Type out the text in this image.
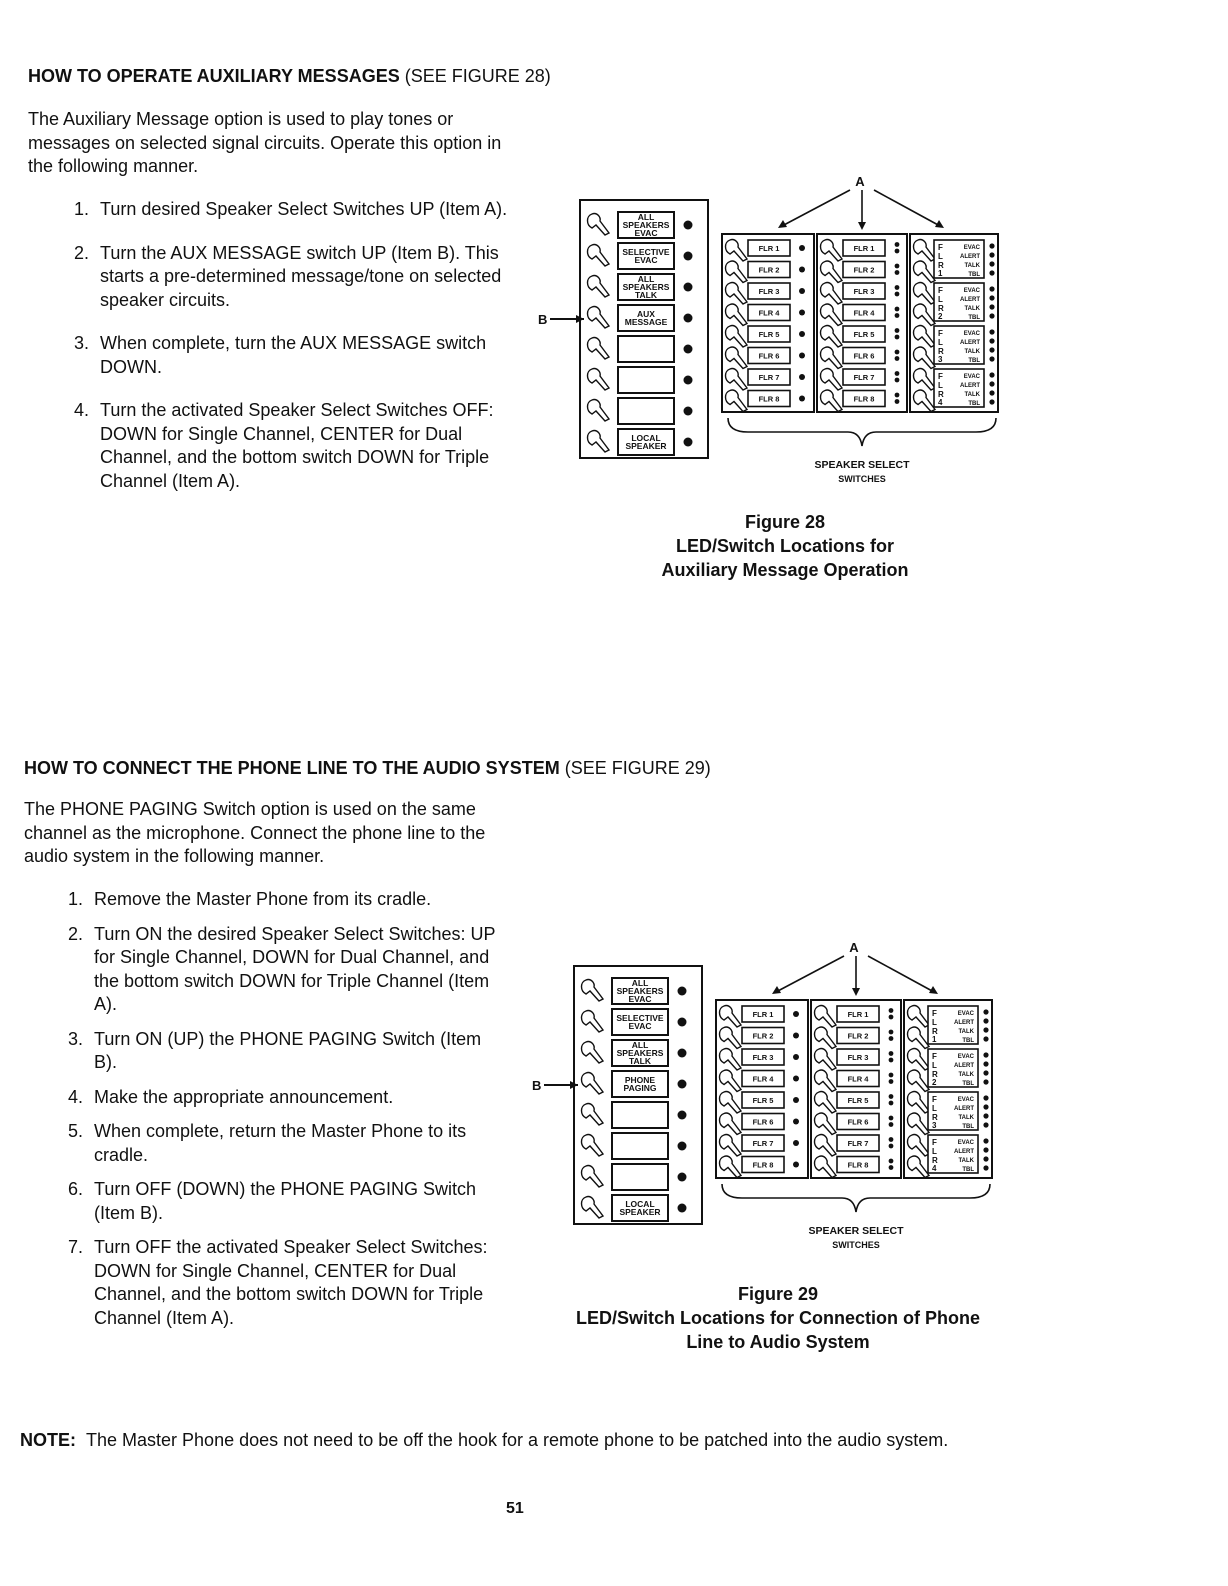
HOW TO OPERATE AUXILIARY MESSAGES (SEE FIGURE 28)
The Auxiliary Message option is used to play tones or messages on selected signal circuits. Operate this option in the following manner.
1. Turn desired Speaker Select Switches UP (Item A).
2. Turn the AUX MESSAGE switch UP (Item B). This starts a pre-determined message/tone on selected speaker circuits.
3. When complete, turn the AUX MESSAGE switch DOWN.
4. Turn the activated Speaker Select Switches OFF: DOWN for Single Channel, CENTER for Dual Channel, and the bottom switch DOWN for Triple Channel (Item A).
ALL
SPEAKERS
EVAC
SELECTIVE
EVAC
ALL
SPEAKERS
TALK
AUX
MESSAGE
LOCAL
SPEAKER
B
FLR 1
FLR 2
FLR 3
FLR 4
FLR 5
FLR 6
FLR 7
FLR 8
FLR 1
FLR 2
FLR 3
FLR 4
FLR 5
FLR 6
FLR 7
FLR 8
F
L
R
1
EVAC
ALERT
TALK
TBL
F
L
R
2
EVAC
ALERT
TALK
TBL
F
L
R
3
EVAC
ALERT
TALK
TBL
F
L
R
4
EVAC
ALERT
TALK
TBL
A
SPEAKER SELECT
SWITCHES
Figure 28
LED/Switch Locations for
Auxiliary Message Operation
HOW TO CONNECT THE PHONE LINE TO THE AUDIO SYSTEM (SEE FIGURE 29)
The PHONE PAGING Switch option is used on the same channel as the microphone. Connect the phone line to the audio system in the following manner.
1. Remove the Master Phone from its cradle.
2. Turn ON the desired Speaker Select Switches: UP for Single Channel, DOWN for Dual Channel, and the bottom switch DOWN for Triple Channel (Item A).
3. Turn ON (UP) the PHONE PAGING Switch (Item B).
4. Make the appropriate announcement.
5. When complete, return the Master Phone to its cradle.
6. Turn OFF (DOWN) the PHONE PAGING Switch (Item B).
7. Turn OFF the activated Speaker Select Switches: DOWN for Single Channel, CENTER for Dual Channel, and the bottom switch DOWN for Triple Channel (Item A).
ALL
SPEAKERS
EVAC
SELECTIVE
EVAC
ALL
SPEAKERS
TALK
PHONE
PAGING
LOCAL
SPEAKER
B
FLR 1
FLR 2
FLR 3
FLR 4
FLR 5
FLR 6
FLR 7
FLR 8
FLR 1
FLR 2
FLR 3
FLR 4
FLR 5
FLR 6
FLR 7
FLR 8
F
L
R
1
EVAC
ALERT
TALK
TBL
F
L
R
2
EVAC
ALERT
TALK
TBL
F
L
R
3
EVAC
ALERT
TALK
TBL
F
L
R
4
EVAC
ALERT
TALK
TBL
A
SPEAKER SELECT
SWITCHES
Figure 29
LED/Switch Locations for Connection of Phone
Line to Audio System
NOTE: The Master Phone does not need to be off the hook for a remote phone to be patched into the audio system.
51
